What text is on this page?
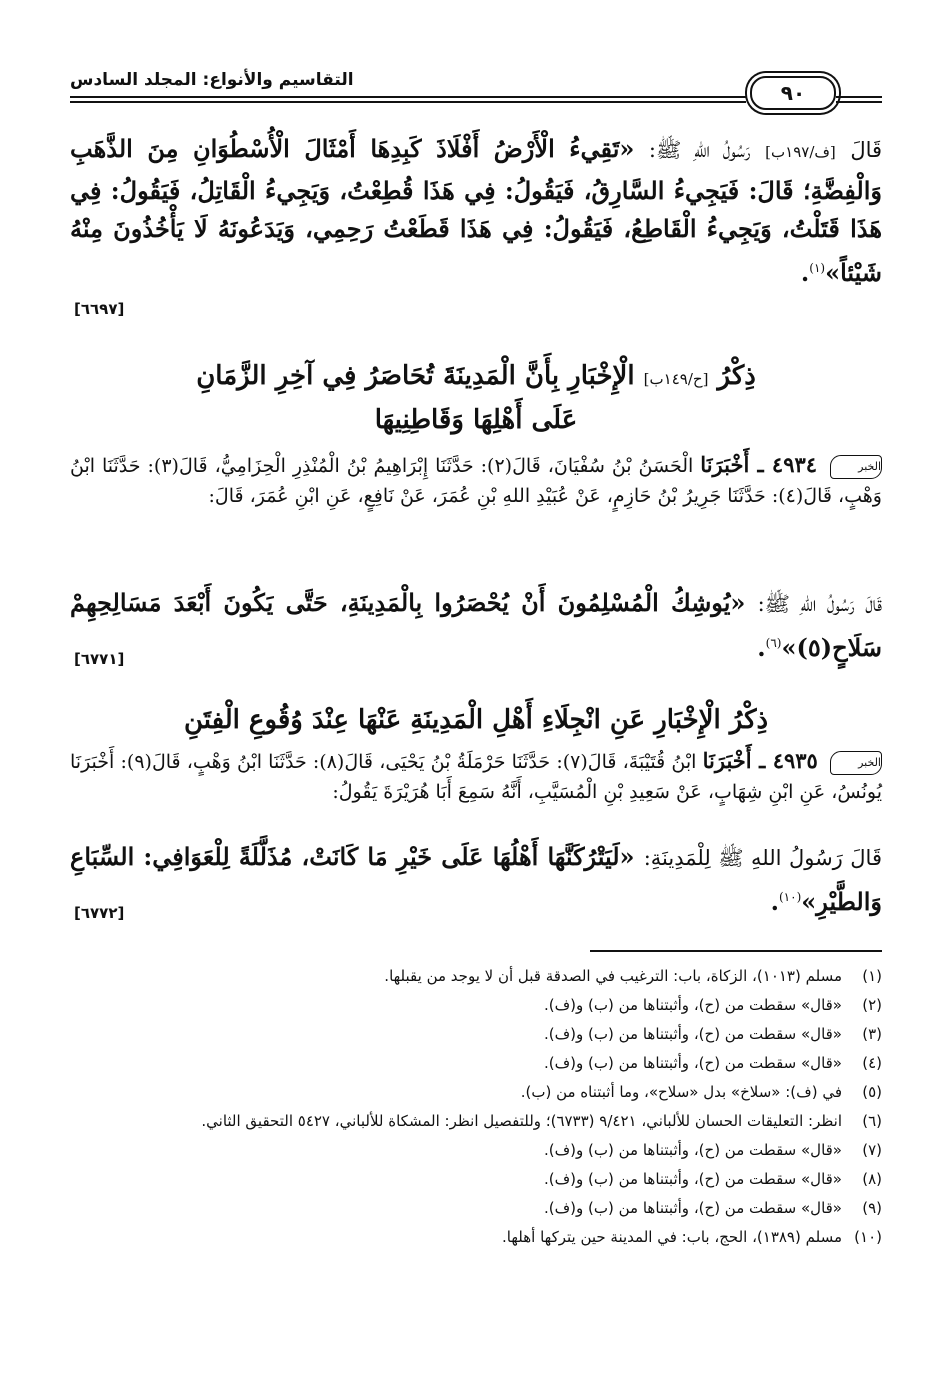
التقاسيم والأنواع: المجلد السادس
٩٠
قَالَ [ف/١٩٧ب] رَسُولُ اللهِ ﷺ: «تَقِيءُ الْأَرْضُ أَفْلَاذَ كَبِدِهَا أَمْثَالَ الْأُسْطُوَانِ مِنَ الذَّهَبِ وَالْفِضَّةِ؛ قَالَ: فَيَجِيءُ السَّارِقُ، فَيَقُولُ: فِي هَذَا قُطِعْتُ، وَيَجِيءُ الْقَاتِلُ، فَيَقُولُ: فِي هَذَا قَتَلْتُ، وَيَجِيءُ الْقَاطِعُ، فَيَقُولُ: فِي هَذَا قَطَعْتُ رَحِمِي، وَيَدَعُونَهُ لَا يَأْخُذُونَ مِنْهُ شَيْئاً»$^{(١)}$.
[٦٦٩٧]
ذِكْرُ [ح/١٤٩ب] الْإِخْبَارِ بِأَنَّ الْمَدِينَةَ تُحَاصَرُ فِي آخِرِ الزَّمَانِ
عَلَى أَهْلِهَا وَقَاطِنِيهَا
الخبر ٤٩٣٤ ـ أَخْبَرَنَا الْحَسَنُ بْنُ سُفْيَانَ، قَالَ(٢): حَدَّثَنَا إِبْرَاهِيمُ بْنُ الْمُنْذِرِ الْحِزَامِيُّ، قَالَ(٣): حَدَّثَنَا ابْنُ وَهْبٍ، قَالَ(٤): حَدَّثَنَا جَرِيرُ بْنُ حَازِمٍ، عَنْ عُبَيْدِ اللهِ بْنِ عُمَرَ، عَنْ نَافِعٍ، عَنِ ابْنِ عُمَرَ، قَالَ:
قَالَ رَسُولُ اللهِ ﷺ: «يُوشِكُ الْمُسْلِمُونَ أَنْ يُحْصَرُوا بِالْمَدِينَةِ، حَتَّى يَكُونَ أَبْعَدَ مَسَالِحِهِمْ سَلَاحٍ(٥)»$^{(٦)}$.
[٦٧٧١]
ذِكْرُ الْإِخْبَارِ عَنِ انْجِلَاءِ أَهْلِ الْمَدِينَةِ عَنْهَا عِنْدَ وُقُوعِ الْفِتَنِ
الخبر ٤٩٣٥ ـ أَخْبَرَنَا ابْنُ قُتَيْبَةَ، قَالَ(٧): حَدَّثَنَا حَرْمَلَةُ بْنُ يَحْيَى، قَالَ(٨): حَدَّثَنَا ابْنُ وَهْبٍ، قَالَ(٩): أَخْبَرَنَا يُونُسُ، عَنِ ابْنِ شِهَابٍ، عَنْ سَعِيدِ بْنِ الْمُسَيَّبِ، أَنَّهُ سَمِعَ أَبَا هُرَيْرَةَ يَقُولُ:
قَالَ رَسُولُ اللهِ ﷺ لِلْمَدِينَةِ: «لَيَتْرُكَنَّهَا أَهْلُهَا عَلَى خَيْرِ مَا كَانَتْ، مُذَلَّلَةً لِلْعَوَافِي: السِّبَاعِ وَالطَّيْرِ»$^{(١٠)}$.
[٦٧٧٢]
(١)
مسلم (١٠١٣)، الزكاة، باب: الترغيب في الصدقة قبل أن لا يوجد من يقبلها.
(٢)
«قال» سقطت من (ح)، وأثبتناها من (ب) و(ف).
(٣)
«قال» سقطت من (ح)، وأثبتناها من (ب) و(ف).
(٤)
«قال» سقطت من (ح)، وأثبتناها من (ب) و(ف).
(٥)
في (ف): «سلاخ» بدل «سلاح»، وما أثبتناه من (ب).
(٦)
انظر: التعليقات الحسان للألباني، ٩/٤٢١ (٦٧٣٣)؛ وللتفصيل انظر: المشكاة للألباني، ٥٤٢٧ التحقيق الثاني.
(٧)
«قال» سقطت من (ح)، وأثبتناها من (ب) و(ف).
(٨)
«قال» سقطت من (ح)، وأثبتناها من (ب) و(ف).
(٩)
«قال» سقطت من (ح)، وأثبتناها من (ب) و(ف).
(١٠)
مسلم (١٣٨٩)، الحج، باب: في المدينة حين يتركها أهلها.
